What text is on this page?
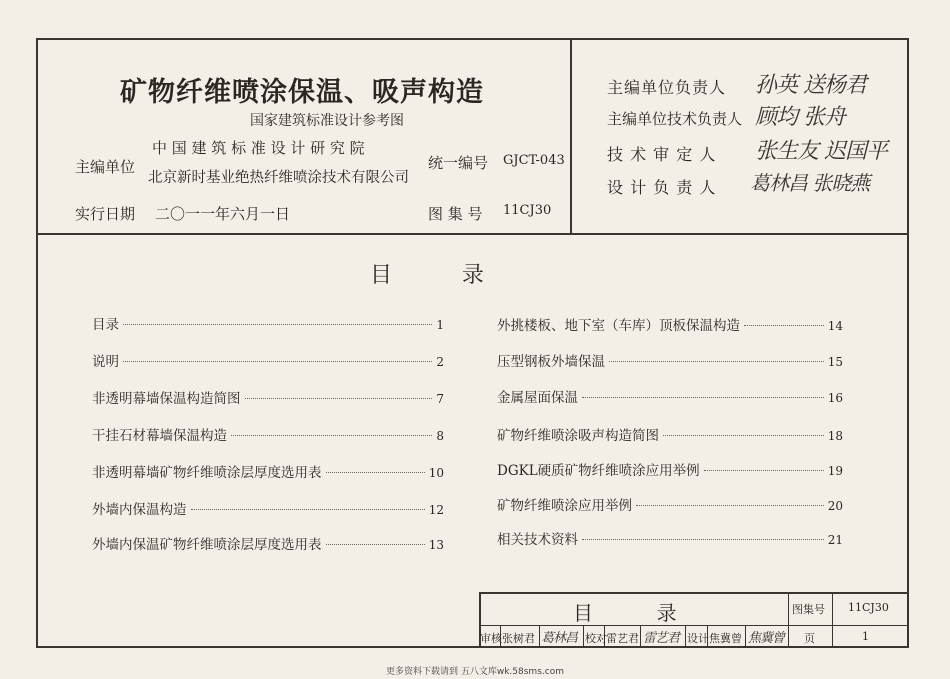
矿物纤维喷涂保温、吸声构造
国家建筑标准设计参考图
主编单位
中 国 建 筑 标 准 设 计 研 究 院
北京新时基业绝热纤维喷涂技术有限公司
统一编号 GJCT-043
实行日期 二〇一一年六月一日	图 集 号 11CJ30
主编单位负责人 孙英 送杨君
主编单位技术负责人 顾均 张舟
技 术 审 定 人 张生友 迟国平
设 计 负 责 人 葛林昌 张晓燕
目          录
目录	1
说明	2
非透明幕墙保温构造简图	7
干挂石材幕墙保温构造	8
非透明幕墙矿物纤维喷涂层厚度选用表	10
外墙内保温构造	12
外墙内保温矿物纤维喷涂层厚度选用表	13
外挑楼板、地下室（车库）顶板保温构造	14
压型钢板外墙保温	15
金属屋面保温	16
矿物纤维喷涂吸声构造简图	18
DGKL硬质矿物纤维喷涂应用举例	19
矿物纤维喷涂应用举例	20
相关技术资料	21
目          录	图集号 11CJ30
审核 张树君 葛林昌 校对 雷艺君 雷艺君 设计 焦冀曾 焦冀曾 页	1
更多资料下载请到 五八文库wk.58sms.com
